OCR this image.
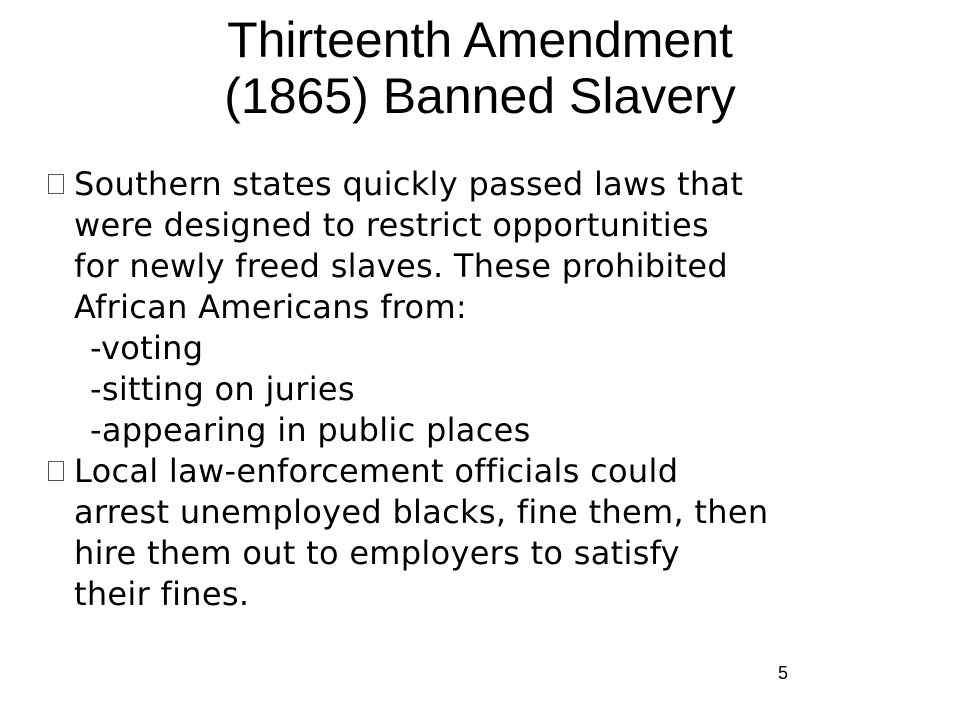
Thirteenth Amendment
(1865) Banned Slavery
Southern states quickly passed laws that
were designed to restrict opportunities
for newly freed slaves. These prohibited
African Americans from:
-voting
-sitting on juries
-appearing in public places
Local law-enforcement officials could
arrest unemployed blacks, fine them, then
hire them out to employers to satisfy
their fines.
5
